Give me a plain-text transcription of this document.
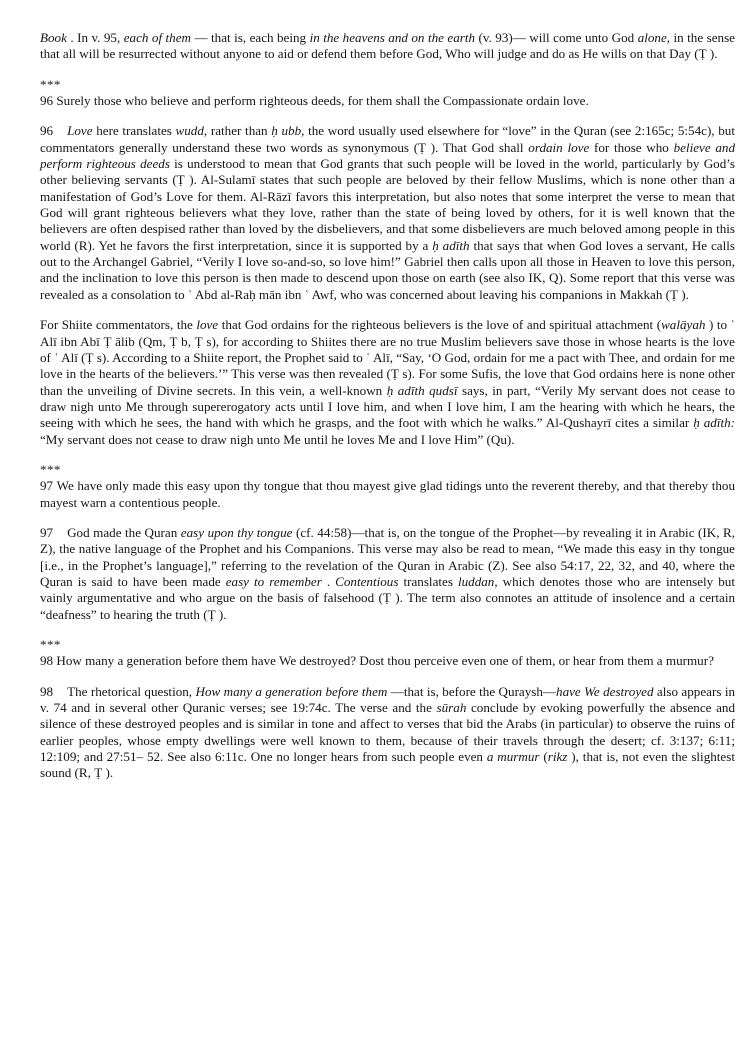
Book . In v. 95, each of them — that is, each being in the heavens and on the earth (v. 93)— will come unto God alone, in the sense that all will be resurrected without anyone to aid or defend them before God, Who will judge and do as He wills on that Day (Ṭ ).

***

96 Surely those who believe and perform righteous deeds, for them shall the Compassionate ordain love.

96 Love here translates wudd, rather than ḥ ubb, the word usually used elsewhere for “love” in the Quran (see 2:165c; 5:54c), but commentators generally understand these two words as synonymous (Ṭ ). That God shall ordain love for those who believe and perform righteous deeds is understood to mean that God grants that such people will be loved in the world, particularly by God’s other believing servants (Ṭ ). Al-Sulamī states that such people are beloved by their fellow Muslims, which is none other than a manifestation of God’s Love for them. Al-Rāzī favors this interpretation, but also notes that some interpret the verse to mean that God will grant righteous believers what they love, rather than the state of being loved by others, for it is well known that the believers are often despised rather than loved by the disbelievers, and that some disbelievers are much beloved among people in this world (R). Yet he favors the first interpretation, since it is supported by a ḥ adīth that says that when God loves a servant, He calls out to the Archangel Gabriel, “Verily I love so-and-so, so love him!” Gabriel then calls upon all those in Heaven to love this person, and the inclination to love this person is then made to descend upon those on earth (see also IK, Q). Some report that this verse was revealed as a consolation to ʿ Abd al-Raḥ mān ibn ʿ Awf, who was concerned about leaving his companions in Makkah (Ṭ ).

For Shiite commentators, the love that God ordains for the righteous believers is the love of and spiritual attachment (walāyah ) to ʿ Alī ibn Abī Ṭ ālib (Qm, Ṭ b, Ṭ s), for according to Shiites there are no true Muslim believers save those in whose hearts is the love of ʿ Alī (Ṭ s). According to a Shiite report, the Prophet said to ʿ Alī, “Say, ‘O God, ordain for me a pact with Thee, and ordain for me love in the hearts of the believers.’” This verse was then revealed (Ṭ s). For some Sufis, the love that God ordains here is none other than the unveiling of Divine secrets. In this vein, a well-known ḥ adīth qudsī says, in part, “Verily My servant does not cease to draw nigh unto Me through supererogatory acts until I love him, and when I love him, I am the hearing with which he hears, the seeing with which he sees, the hand with which he grasps, and the foot with which he walks.” Al-Qushayrī cites a similar ḥ adīth: “My servant does not cease to draw nigh unto Me until he loves Me and I love Him” (Qu).

***

97 We have only made this easy upon thy tongue that thou mayest give glad tidings unto the reverent thereby, and that thereby thou mayest warn a contentious people.

97 God made the Quran easy upon thy tongue (cf. 44:58)—that is, on the tongue of the Prophet—by revealing it in Arabic (IK, R, Z), the native language of the Prophet and his Companions. This verse may also be read to mean, “We made this easy in thy tongue [i.e., in the Prophet’s language],” referring to the revelation of the Quran in Arabic (Z). See also 54:17, 22, 32, and 40, where the Quran is said to have been made easy to remember . Contentious translates luddan, which denotes those who are intensely but vainly argumentative and who argue on the basis of falsehood (Ṭ ). The term also connotes an attitude of insolence and a certain “deafness” to hearing the truth (Ṭ ).

***

98 How many a generation before them have We destroyed? Dost thou perceive even one of them, or hear from them a murmur?

98 The rhetorical question, How many a generation before them —that is, before the Quraysh—have We destroyed also appears in v. 74 and in several other Quranic verses; see 19:74c. The verse and the sūrah conclude by evoking powerfully the absence and silence of these destroyed peoples and is similar in tone and affect to verses that bid the Arabs (in particular) to observe the ruins of earlier peoples, whose empty dwellings were well known to them, because of their travels through the desert; cf. 3:137; 6:11; 12:109; and 27:51– 52. See also 6:11c. One no longer hears from such people even a murmur (rikz ), that is, not even the slightest sound (R, Ṭ ).
